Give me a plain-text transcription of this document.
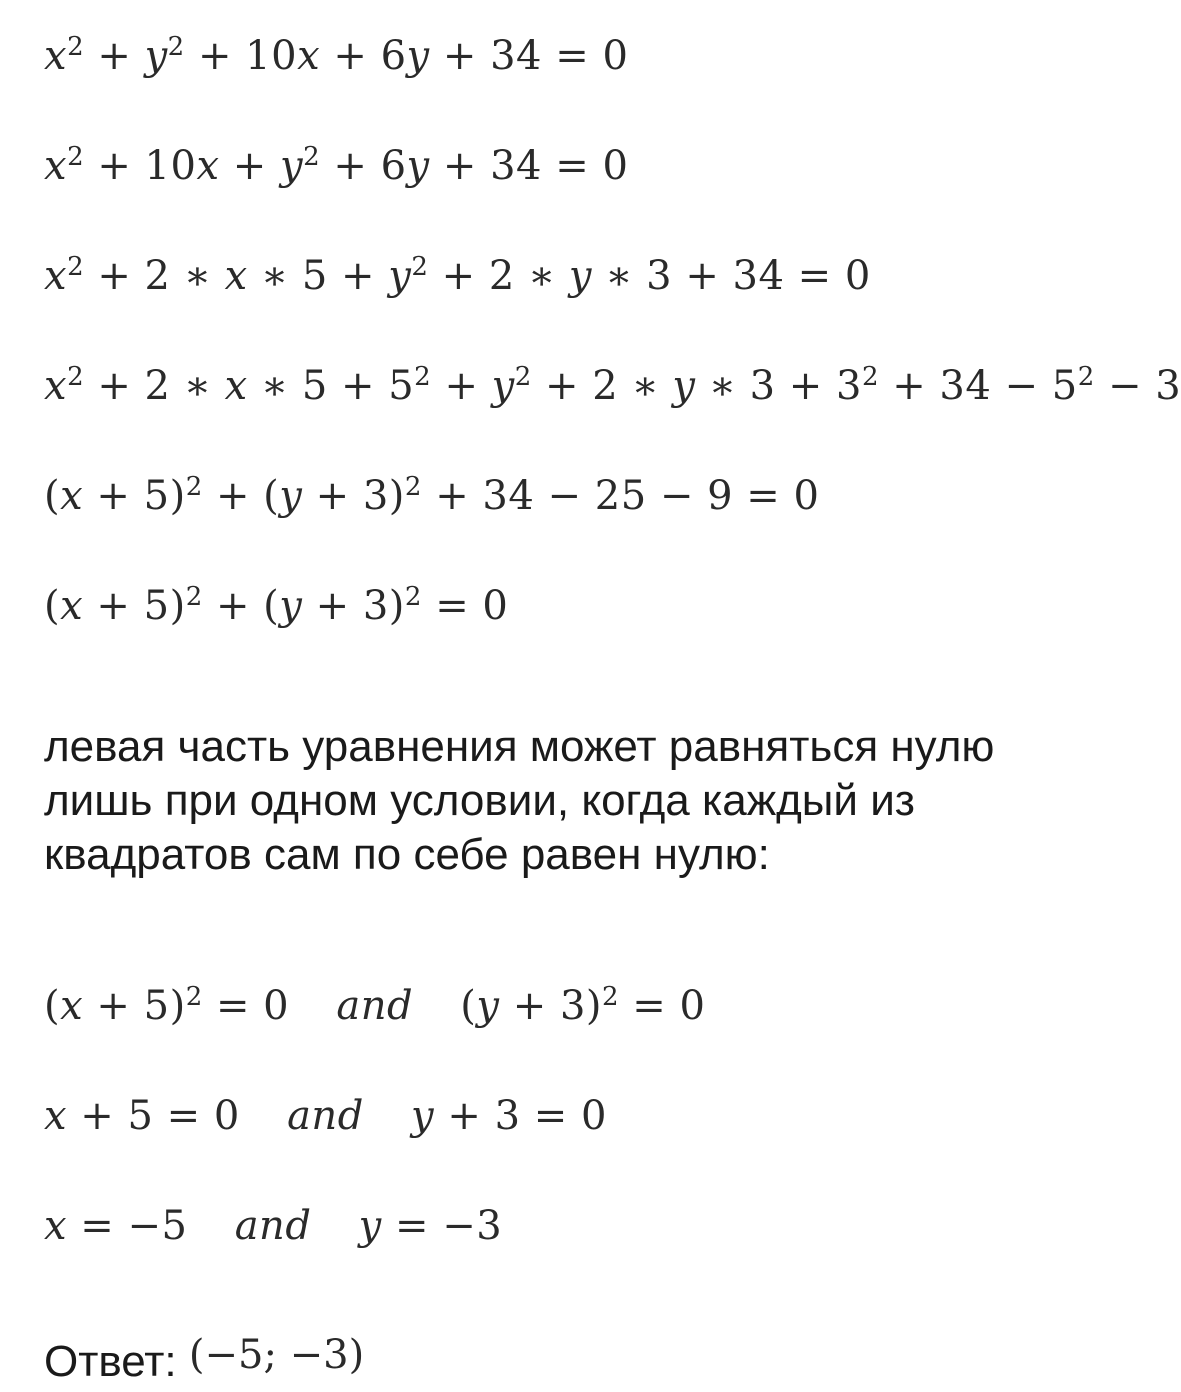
$x^2 + y^2 + 10x + 6y + 34 = 0$
$x^2 + 10x + y^2 + 6y + 34 = 0$
$x^2 + 2$ ∗ x ∗ $5 + y^2 + 2$ ∗ y ∗ 3 + 34 = 0
$x^2 + 2$ ∗ x ∗ $5 + 5^2 + y^2 + 2$ ∗ y ∗ $3 + 3^2 + 34 - 5^2 - 3$
$(x + 5)^2 + (y + 3)^2 + 34 - 25 - 9 = 0$
$(x + 5)^2 + (y + 3)^2 = 0$
левая часть уравнения может равняться нулю лишь при одном условии, когда каждый из квадратов сам по себе равен нулю:
$(x + 5)^2 = 0$ and $(y + 3)^2 = 0$
x + 5 = 0 and y + 3 = 0
x = −5 and y = −3
Ответ: (−5; −3)
